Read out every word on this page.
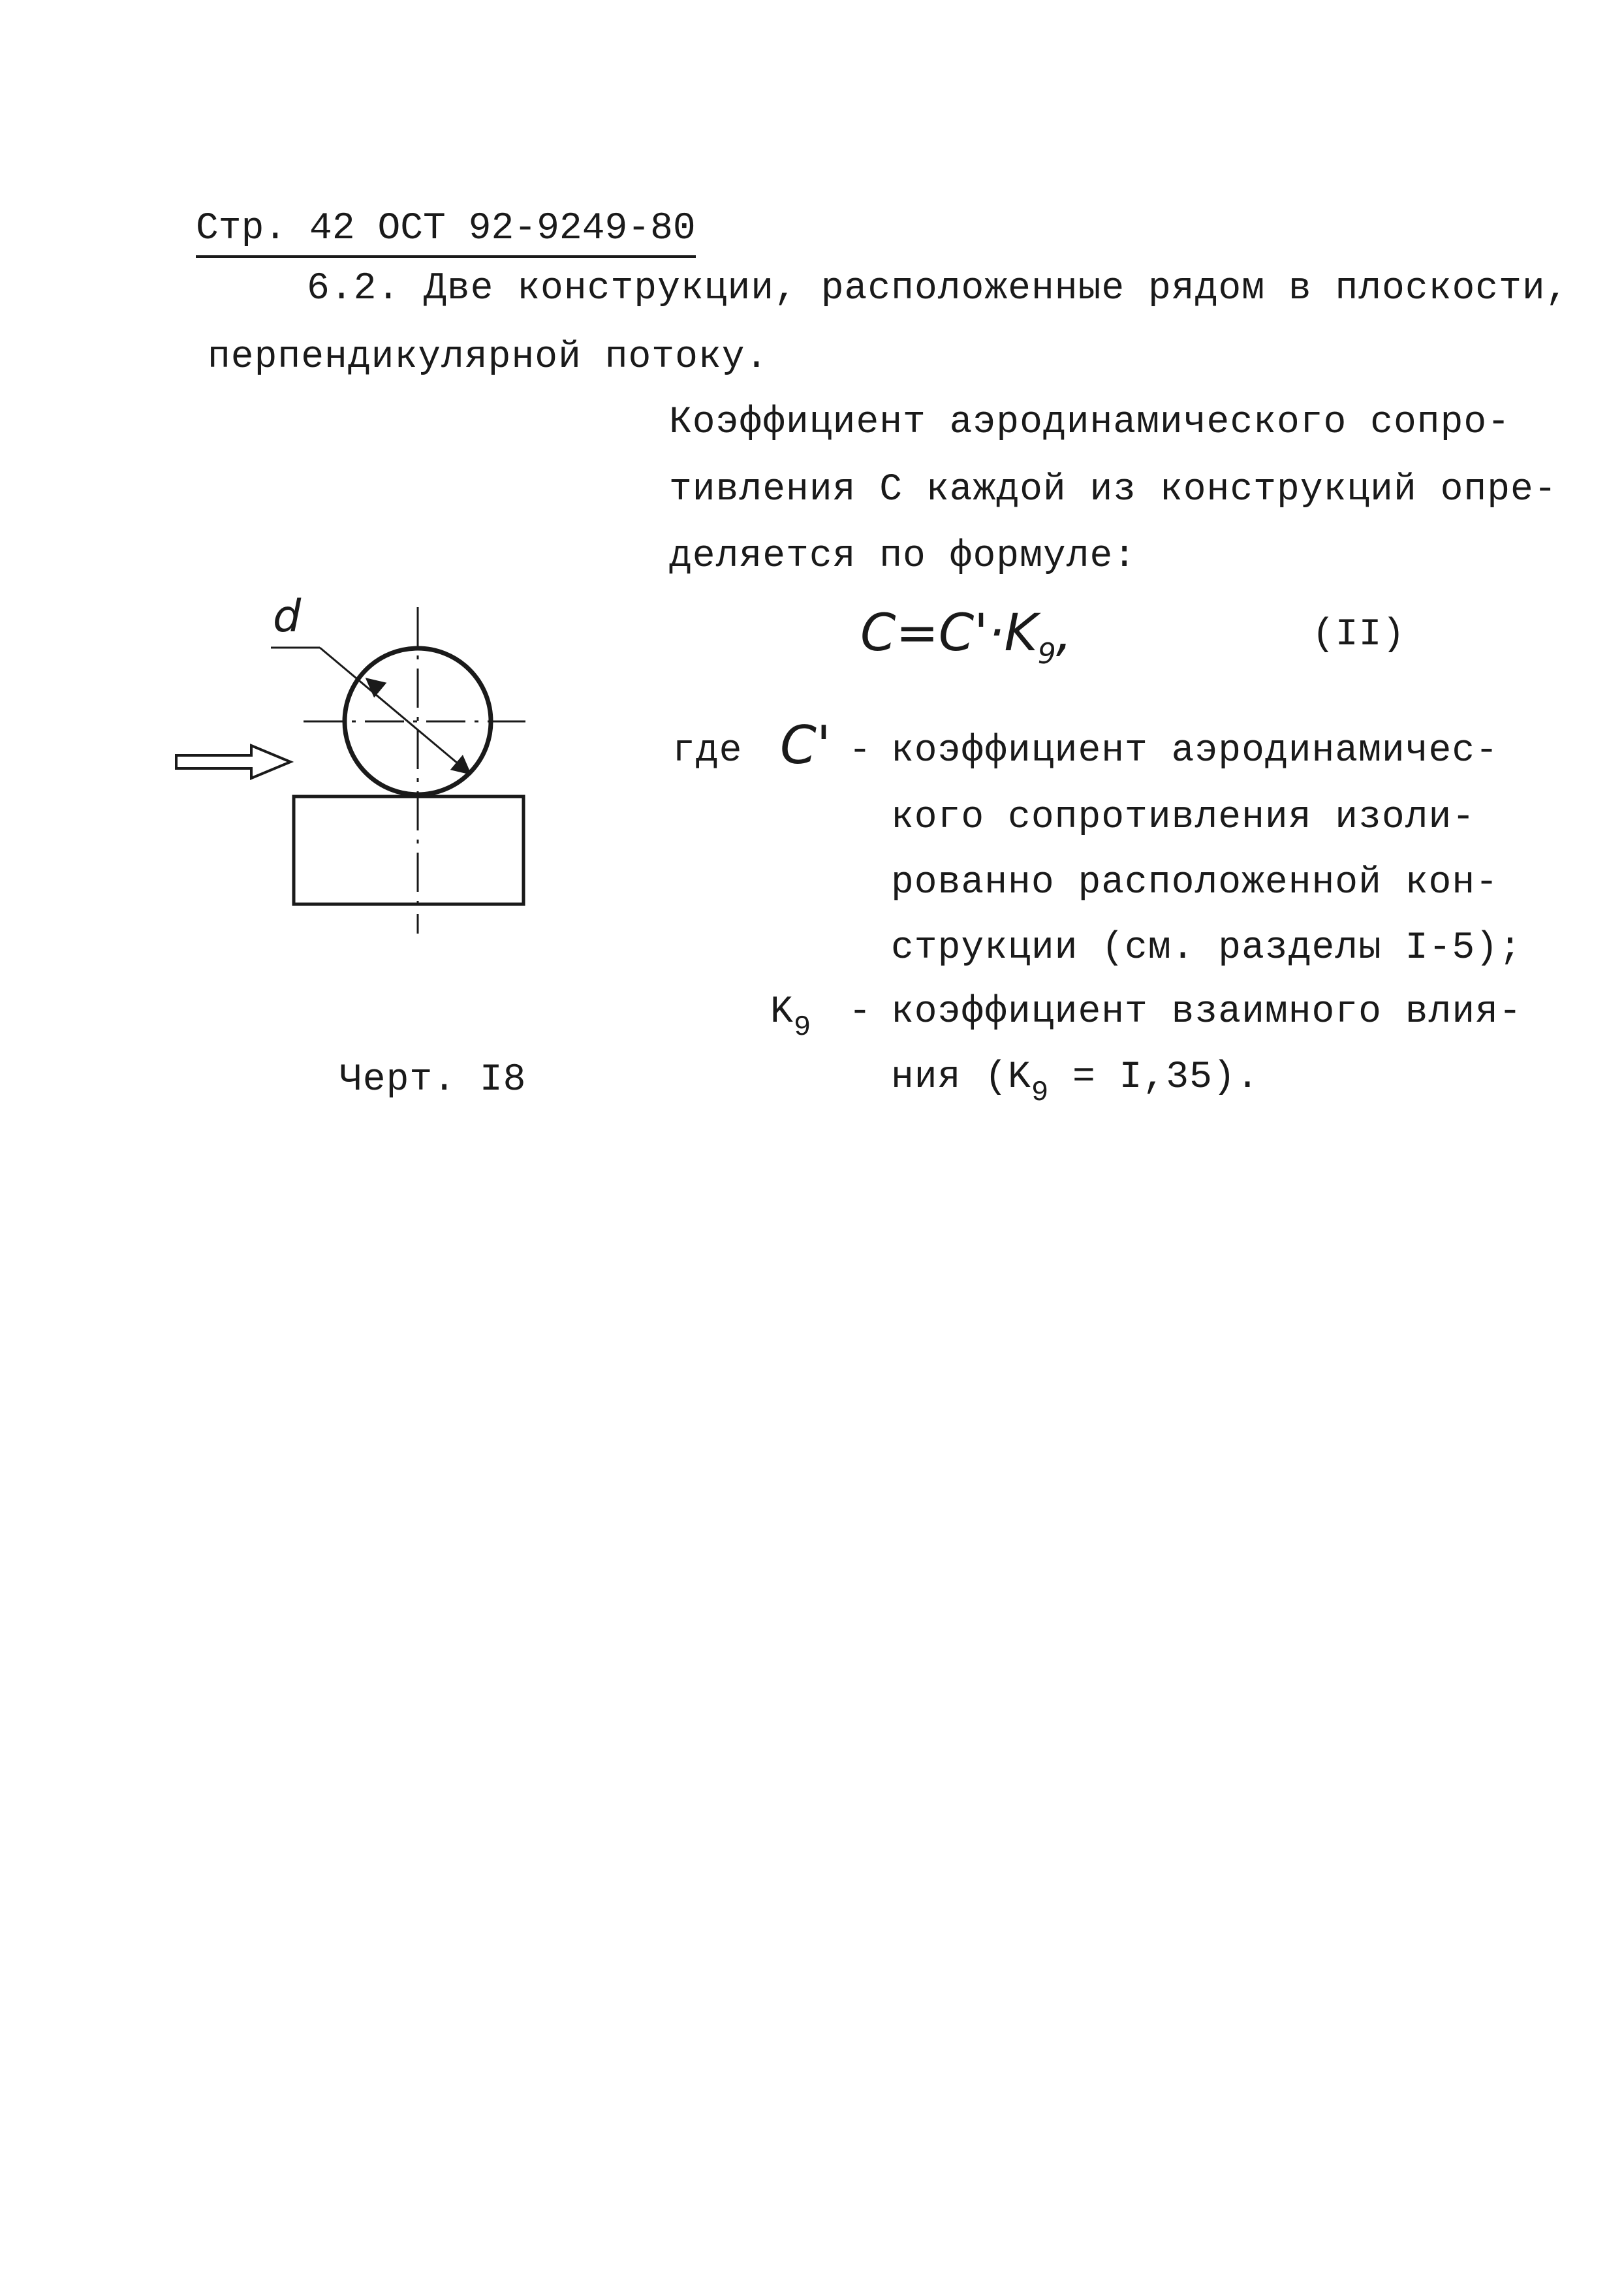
Стр. 42 ОСТ 92-9249-80
6.2. Две конструкции, расположенные рядом в плоскости,
перпендикулярной потоку.
Коэффициент аэродинамического сопро-
тивления С каждой из конструкций опре-
деляется по формуле:
$C=C'\cdot K_9$,	(II)
где C' - коэффициент аэродинамичес-
кого сопротивления изоли-
рованно расположенной кон-
струкции (см. разделы I-5);
$K_9$ - коэффициент взаимного влия-
ния $(K_9 = I,35)$.
d
Черт. I8
